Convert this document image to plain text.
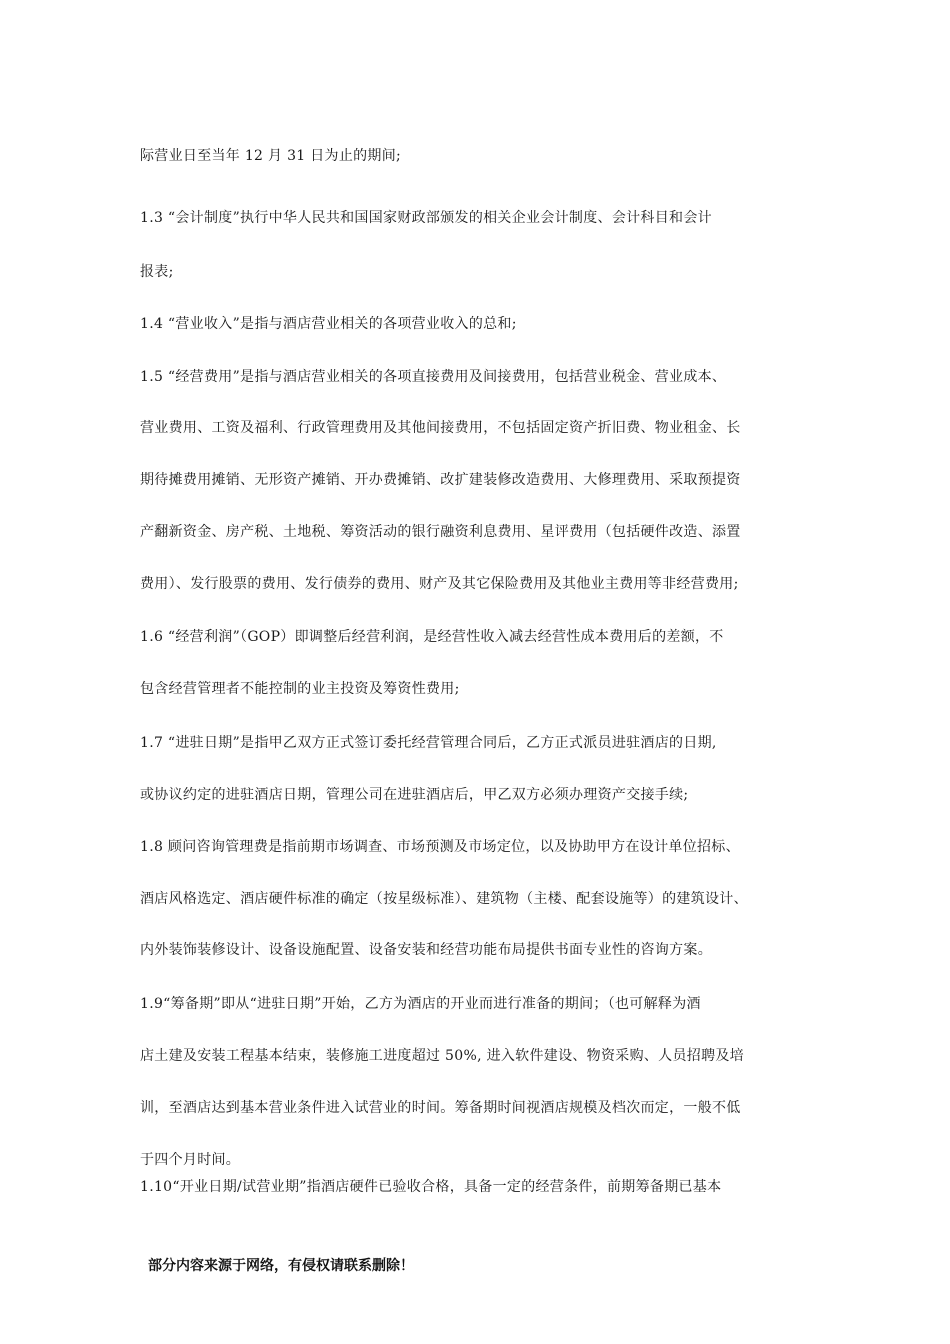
际营业日至当年 12 月 31 日为止的期间;
1.3 “会计制度”执行中华人民共和国国家财政部颁发的相关企业会计制度、会计科目和会计
报表;
1.4 “营业收入”是指与酒店营业相关的各项营业收入的总和;
1.5 “经营费用”是指与酒店营业相关的各项直接费用及间接费用，包括营业税金、营业成本、
营业费用、工资及福利、行政管理费用及其他间接费用，不包括固定资产折旧费、物业租金、长
期待摊费用摊销、无形资产摊销、开办费摊销、改扩建装修改造费用、大修理费用、采取预提资
产翻新资金、房产税、土地税、筹资活动的银行融资利息费用、星评费用（包括硬件改造、添置
费用）、发行股票的费用、发行债券的费用、财产及其它保险费用及其他业主费用等非经营费用;
1.6 “经营利润”（GOP）即调整后经营利润，是经营性收入减去经营性成本费用后的差额，不
包含经营管理者不能控制的业主投资及筹资性费用;
1.7 “进驻日期”是指甲乙双方正式签订委托经营管理合同后，乙方正式派员进驻酒店的日期,
或协议约定的进驻酒店日期，管理公司在进驻酒店后，甲乙双方必须办理资产交接手续;
1.8 顾问咨询管理费是指前期市场调查、市场预测及市场定位，以及协助甲方在设计单位招标、
酒店风格选定、酒店硬件标准的确定（按星级标准）、建筑物（主楼、配套设施等）的建筑设计、
内外装饰装修设计、设备设施配置、设备安装和经营功能布局提供书面专业性的咨询方案。
1.9“筹备期”即从“进驻日期”开始，乙方为酒店的开业而进行准备的期间；（也可解释为酒
店土建及安装工程基本结束，装修施工进度超过 50%, 进入软件建设、物资采购、人员招聘及培
训，至酒店达到基本营业条件进入试营业的时间。筹备期时间视酒店规模及档次而定，一般不低
于四个月时间。
1.10“开业日期/试营业期”指酒店硬件已验收合格，具备一定的经营条件，前期筹备期已基本
部分内容来源于网络，有侵权请联系删除！
